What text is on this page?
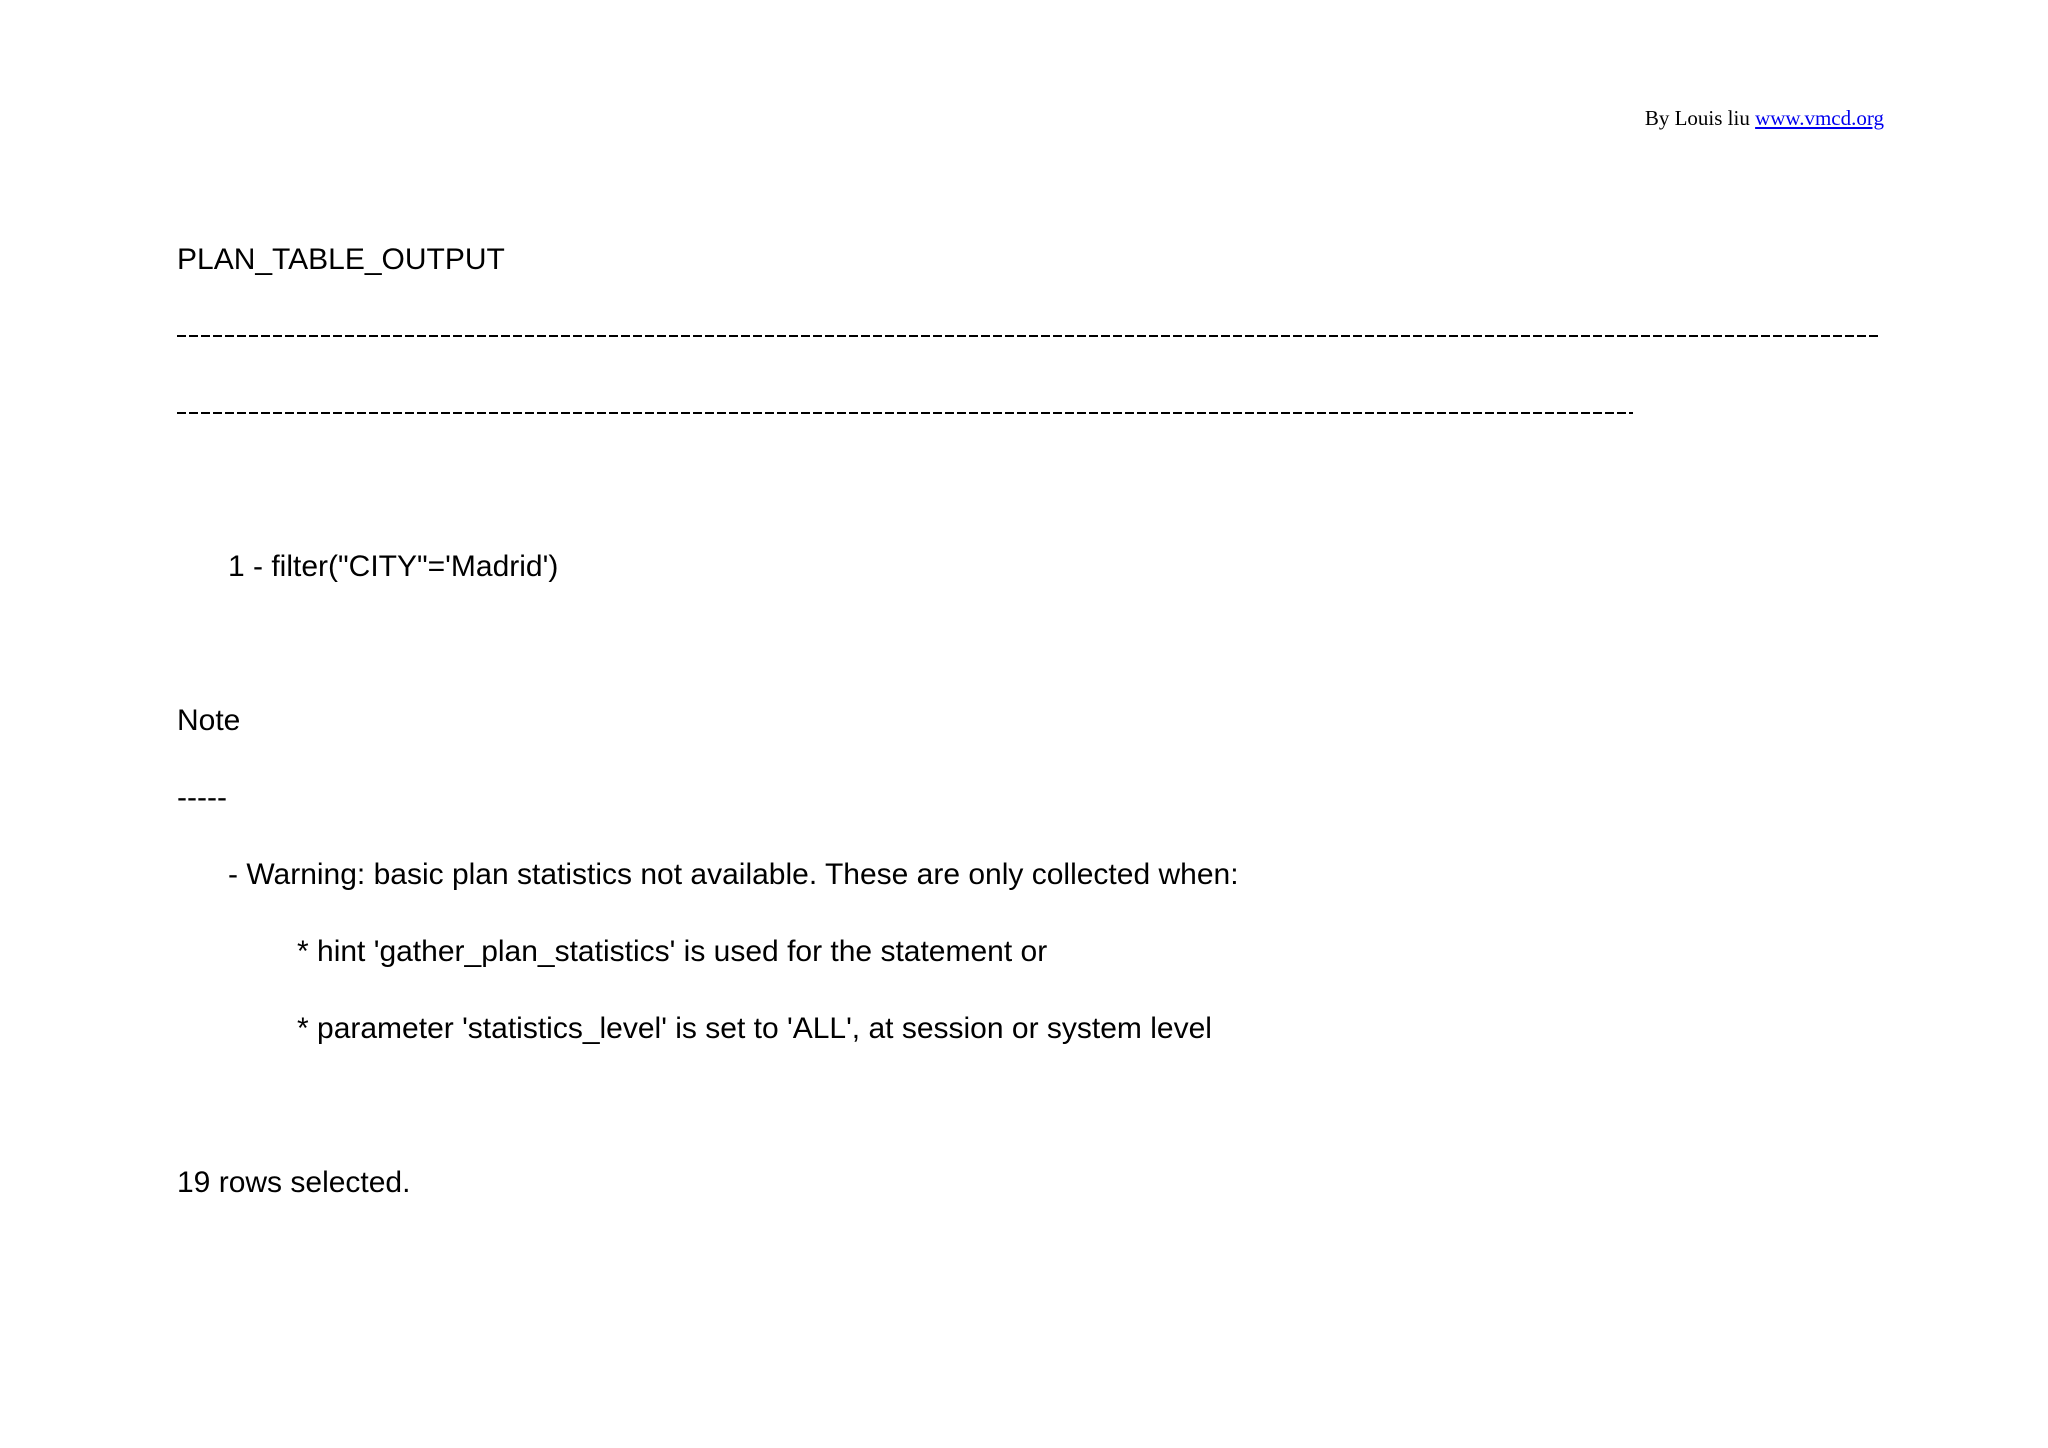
By Louis liu www.vmcd.org
PLAN_TABLE_OUTPUT
1 - filter("CITY"='Madrid')
Note
-----
- Warning: basic plan statistics not available. These are only collected when:
* hint 'gather_plan_statistics' is used for the statement or
* parameter 'statistics_level' is set to 'ALL', at session or system level
19 rows selected.
